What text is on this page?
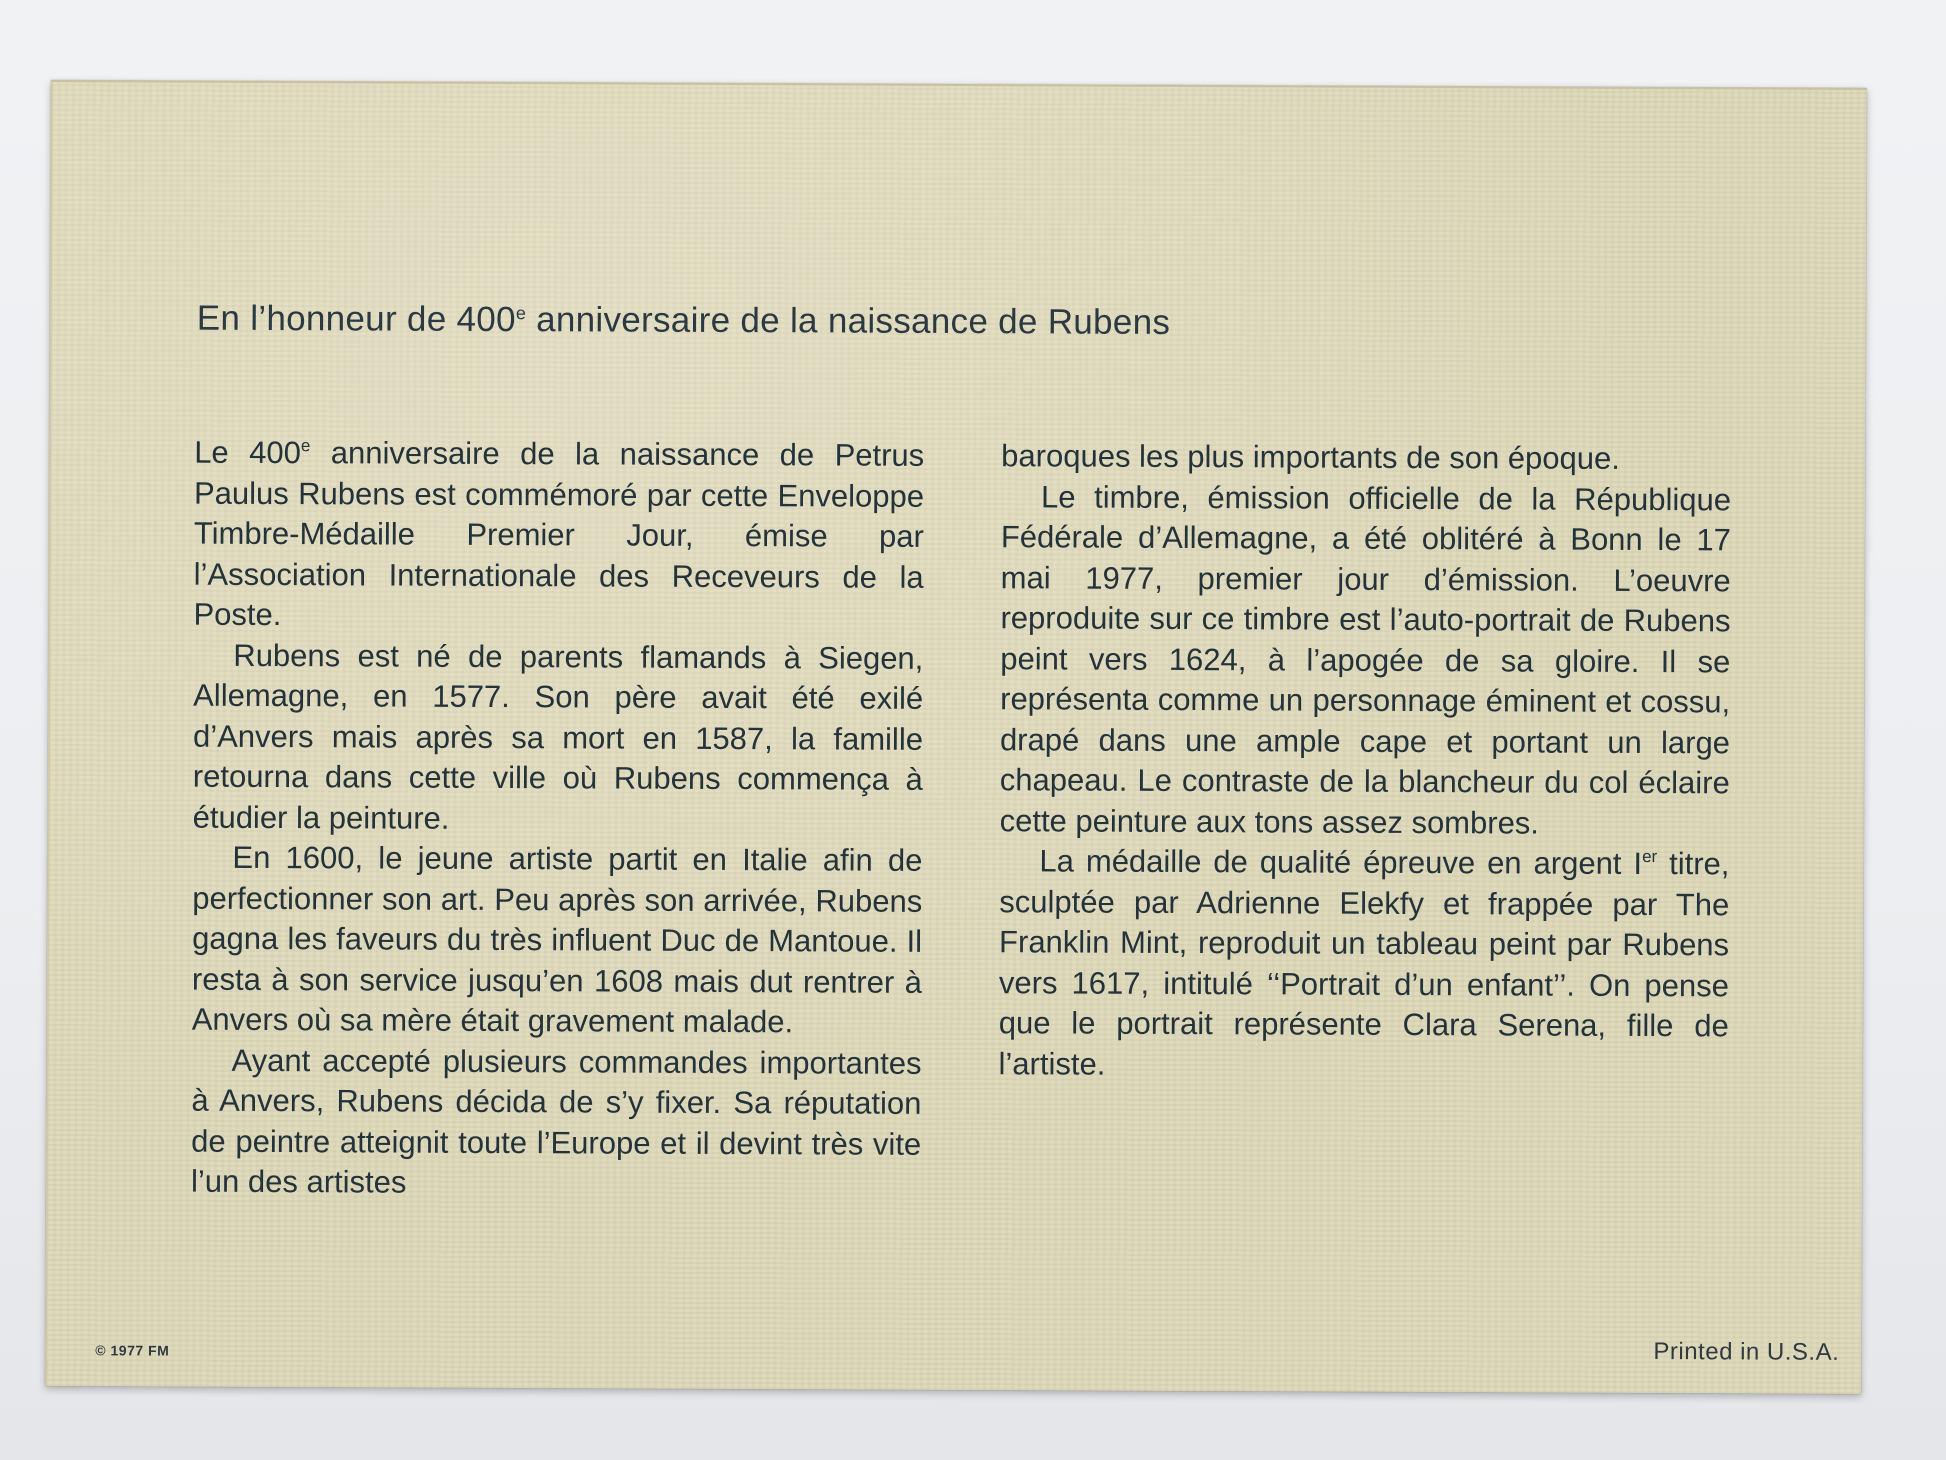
En l’honneur de 400e anniversaire de la naissance de Rubens

Le 400e anniversaire de la naissance de Petrus Paulus Rubens est commémoré par cette Enveloppe Timbre-Médaille Premier Jour, émise par l’Association Internationale des Receveurs de la Poste.

Rubens est né de parents flamands à Siegen, Allemagne, en 1577. Son père avait été exilé d’Anvers mais après sa mort en 1587, la famille retourna dans cette ville où Rubens commença à étudier la peinture.

En 1600, le jeune artiste partit en Italie afin de perfectionner son art. Peu après son arrivée, Rubens gagna les faveurs du très influent Duc de Mantoue. Il resta à son service jusqu’en 1608 mais dut rentrer à Anvers où sa mère était gravement malade.

Ayant accepté plusieurs commandes importantes à Anvers, Rubens décida de s’y fixer. Sa réputation de peintre atteignit toute l’Europe et il devint très vite l’un des artistes

baroques les plus importants de son époque.

Le timbre, émission officielle de la République Fédérale d’Allemagne, a été oblitéré à Bonn le 17 mai 1977, premier jour d’émission. L’oeuvre reproduite sur ce timbre est l’auto-portrait de Rubens peint vers 1624, à l’apogée de sa gloire. Il se représenta comme un personnage éminent et cossu, drapé dans une ample cape et portant un large chapeau. Le contraste de la blancheur du col éclaire cette peinture aux tons assez sombres.

La médaille de qualité épreuve en argent Ier titre, sculptée par Adrienne Elekfy et frappée par The Franklin Mint, reproduit un tableau peint par Rubens vers 1617, intitulé ‘‘Portrait d’un enfant’’. On pense que le portrait représente Clara Serena, fille de l’artiste.

© 1977 FM	Printed in U.S.A.
